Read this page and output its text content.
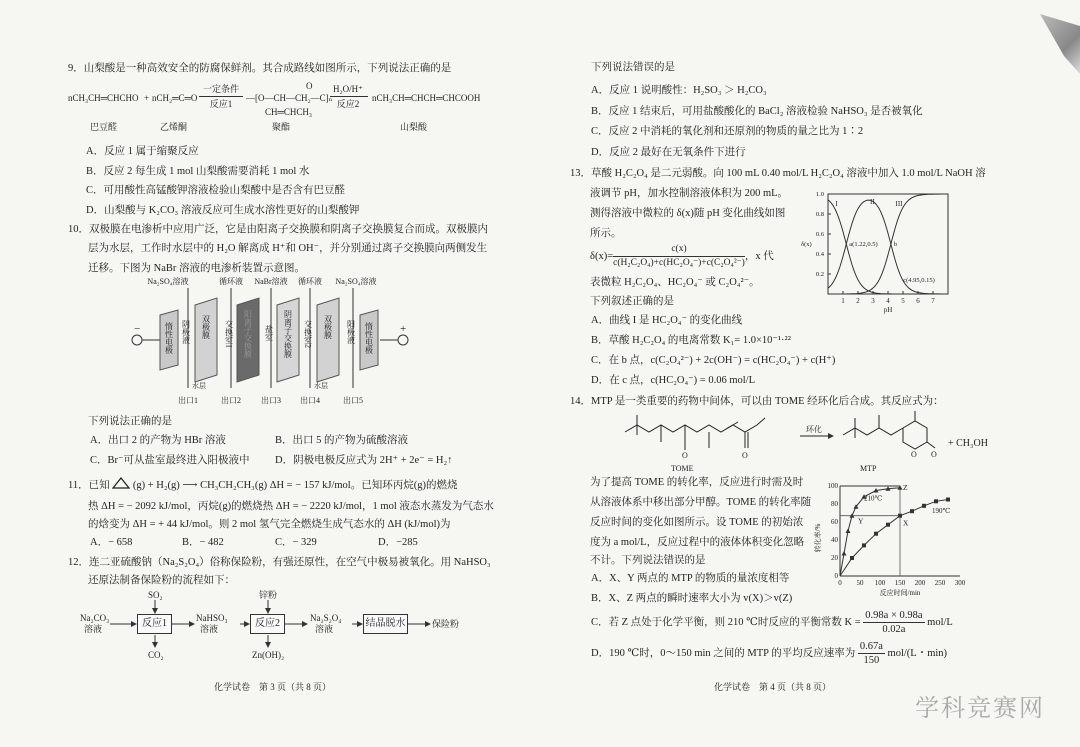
9．山梨酸是一种高效安全的防腐保鲜剂。其合成路线如图所示，下列说法正确的是
nCH₃CH═CHCHO + nCH₂═C═O
一定条件
反应1
O
—[O—CH—CH₂—C]ₙ
CH═CHCH₃
H₂O/H⁺
反应2
nCH₃CH═CHCH═CHCOOH
巴豆醛	乙烯酮	聚酯	山梨酸
A．反应 1 属于缩聚反应
B．反应 2 每生成 1 mol 山梨酸需要消耗 1 mol 水
C．可用酸性高锰酸钾溶液检验山梨酸中是否含有巴豆醛
D．山梨酸与 K₂CO₃ 溶液反应可生成水溶性更好的山梨酸钾
10．双极膜在电渗析中应用广泛，它是由阳离子交换膜和阴离子交换膜复合而成。双极膜内
层为水层，工作时水层中的 H₂O 解离成 H⁺和 OH⁻，并分别通过离子交换膜向两侧发生
迁移。下图为 NaBr 溶液的电渗析装置示意图。
Na₂SO₄溶液	循环液 NaBr溶液 循环液 Na₂SO₄溶液
惰性电极	双极膜	阳离子交换膜	阴离子交换膜	双极膜	惰性电极
阴极液	交换室1	盐室	交换室2	阳极液
水层	水层
出口1	出口2	出口3 出口4	出口5
−	+
下列说法正确的是
A．出口 2 的产物为 HBr 溶液	B．出口 5 的产物为硫酸溶液
C．Br⁻可从盐室最终进入阳极液中 D．阴极电极反应式为 2H⁺ + 2e⁻ = H₂↑
11．已知 (g) + H₂(g) ⟶ CH₃CH₂CH₃(g) ΔH = − 157 kJ/mol。已知环丙烷(g)的燃烧
热 ΔH = − 2092 kJ/mol，丙烷(g)的燃烧热 ΔH = − 2220 kJ/mol，1 mol 液态水蒸发为气态水
的焓变为 ΔH = + 44 kJ/mol。则 2 mol 氢气完全燃烧生成气态水的 ΔH (kJ/mol)为
A．− 658	B．− 482	C．− 329	D．−285
12．连二亚硫酸钠（Na₂S₂O₄）俗称保险粉，有强还原性，在空气中极易被氧化。用 NaHSO₃
还原法制备保险粉的流程如下：
Na₂CO₃
溶液
SO₂
反应1
CO₂
NaHSO₃
溶液
锌粉
反应2
Zn(OH)₂
Na₂S₂O₄
溶液	结晶脱水	保险粉
化学试卷　第 3 页（共 8 页）
下列说法错误的是
A．反应 1 说明酸性：H₂SO₃ ＞ H₂CO₃
B．反应 1 结束后，可用盐酸酸化的 BaCl₂ 溶液检验 NaHSO₃ 是否被氧化
C．反应 2 中消耗的氧化剂和还原剂的物质的量之比为 1∶2
D．反应 2 最好在无氧条件下进行
13．草酸 H₂C₂O₄ 是二元弱酸。向 100 mL 0.40 mol/L H₂C₂O₄ 溶液中加入 1.0 mol/L NaOH 溶
液调节 pH，加水控制溶液体积为 200 mL。
测得溶液中微粒的 δ(x)随 pH 变化曲线如图
所示。
$\delta(x)= \frac{c(x)}{\text{c(H₂C₂O₄)+c(HC₂O₄⁻)+c(C₂O₄²⁻)}}$ ，x 代
表微粒 H₂C₂O₄、HC₂O₄⁻ 或 C₂O₄²⁻。
下列叙述正确的是
A．曲线 I 是 HC₂O₄⁻ 的变化曲线
B．草酸 H₂C₂O₄ 的电离常数 K₁= 1.0×10⁻¹·²²
C．在 b 点，c(C₂O₄²⁻) + 2c(OH⁻) = c(HC₂O₄⁻) + c(H⁺)
D．在 c 点，c(HC₂O₄⁻) = 0.06 mol/L
1 2 3 4 5 6 7
0.2
0.4
0.6
0.8
1.0
pH
δ(x)
I	II	III
a(1.22,0.5) b
c(4.95,0.15)
14．MTP 是一类重要的药物中间体，可以由 TOME 经环化后合成。其反应式为：
O	O
环化
O O
TOME	MTP
+ CH₃OH
为了提高 TOME 的转化率，反应进行时需及时
从溶液体系中移出部分甲醇。TOME 的转化率随
反应时间的变化如图所示。设 TOME 的初始浓
度为 a mol/L，反应过程中的液体体积变化忽略
不计。下列说法错误的是
A．X、Y 两点的 MTP 的物质的量浓度相等
B．X、Z 两点的瞬时速率大小为 v(X)＞v(Z)
C．若 Z 点处于化学平衡，则 210 ℃时反应的平衡常数 $K = \frac{0.98a \times 0.98a}{0.02a} mol/L$
D．190 ℃时，0～150 min 之间的 MTP 的平均反应速率为 $\frac{0.67a}{150} mol/(L$・min)
0 50 100 150 200 250 300
0
20
40
60
80
100
反应时间/min
转化率/%
210℃
190℃
Z
Y	X
化学试卷　第 4 页（共 8 页）
学科竞赛网
